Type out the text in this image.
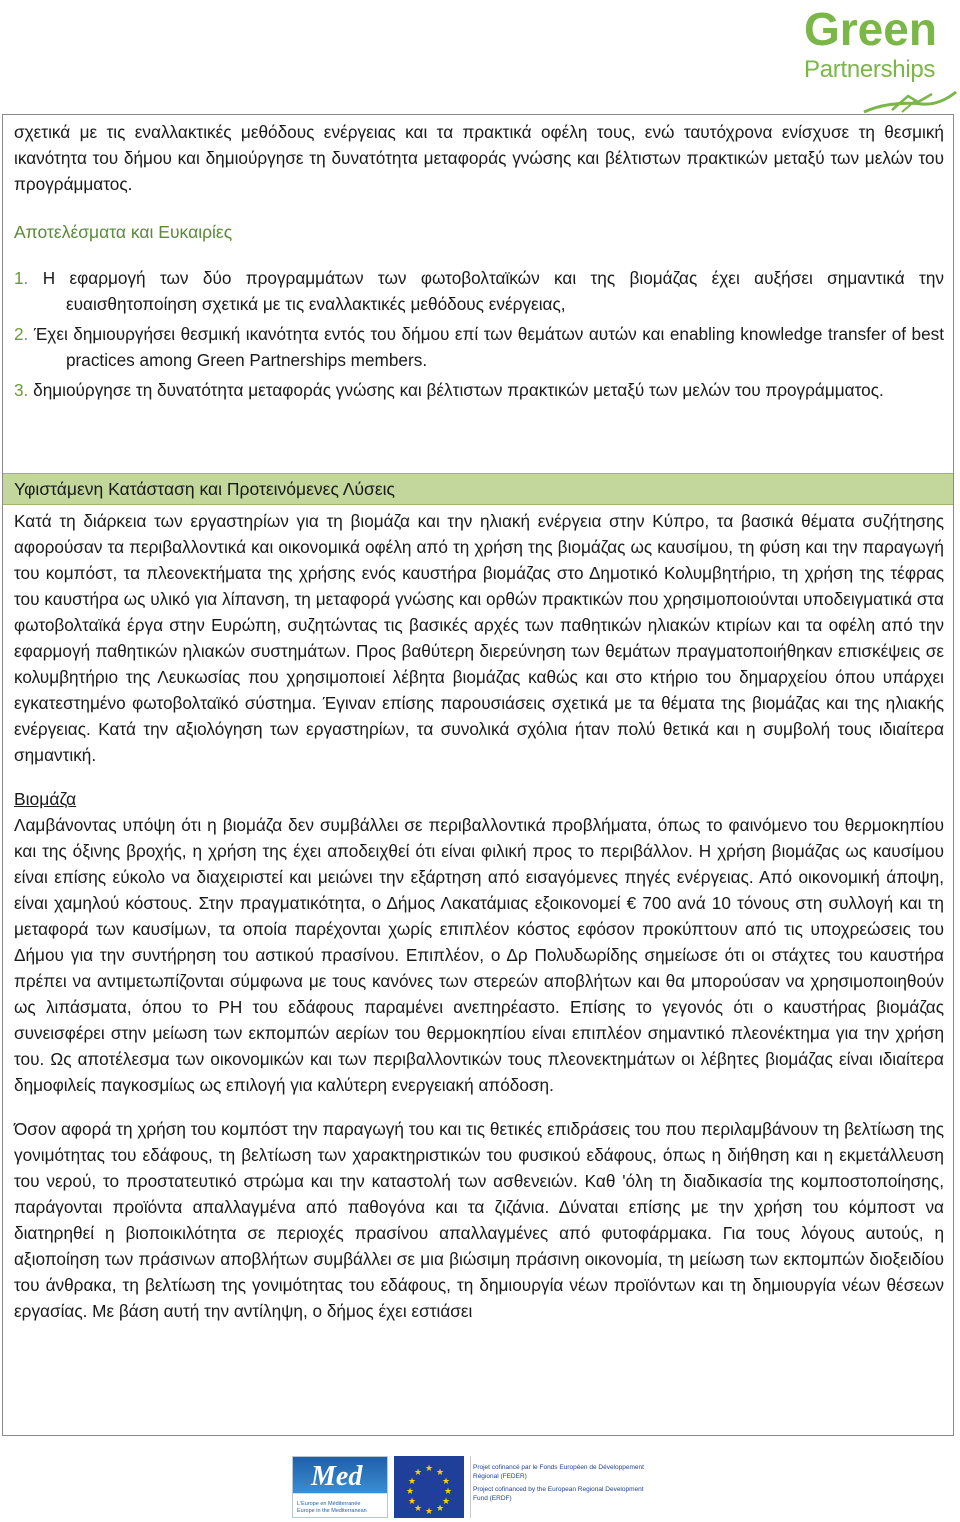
Green
Partnerships

σχετικά με τις εναλλακτικές μεθόδους ενέργειας και τα πρακτικά οφέλη τους, ενώ ταυτόχρονα ενίσχυσε τη θεσμική ικανότητα του δήμου και δημιούργησε τη δυνατότητα μεταφοράς γνώσης και βέλτιστων πρακτικών μεταξύ των μελών του προγράμματος.

Αποτελέσματα και Ευκαιρίες
1. Η εφαρμογή των δύο προγραμμάτων των φωτοβολταϊκών και της βιομάζας έχει αυξήσει σημαντικά την ευαισθητοποίηση σχετικά με τις εναλλακτικές μεθόδους ενέργειας,
2. Έχει δημιουργήσει θεσμική ικανότητα εντός του δήμου επί των θεμάτων αυτών και enabling knowledge transfer of best practices among Green Partnerships members.
3. δημιούργησε τη δυνατότητα μεταφοράς γνώσης και βέλτιστων πρακτικών μεταξύ των μελών του προγράμματος.
Υφιστάμενη Κατάσταση και Προτεινόμενες Λύσεις

Κατά τη διάρκεια των εργαστηρίων για τη βιομάζα και την ηλιακή ενέργεια στην Κύπρο, τα βασικά θέματα συζήτησης αφορούσαν τα περιβαλλοντικά και οικονομικά οφέλη από τη χρήση της βιομάζας ως καυσίμου, τη φύση και την παραγωγή του κομπόστ, τα πλεονεκτήματα της χρήσης ενός καυστήρα βιομάζας στο Δημοτικό Κολυμβητήριο, τη χρήση της τέφρας του καυστήρα ως υλικό για λίπανση, τη μεταφορά γνώσης και ορθών πρακτικών που χρησιμοποιούνται υποδειγματικά στα φωτοβολταϊκά έργα στην Ευρώπη, συζητώντας τις βασικές αρχές των παθητικών ηλιακών κτιρίων και τα οφέλη από την εφαρμογή παθητικών ηλιακών συστημάτων. Προς βαθύτερη διερεύνηση των θεμάτων πραγματοποιήθηκαν επισκέψεις σε κολυμβητήριο της Λευκωσίας που χρησιμοποιεί λέβητα βιομάζας καθώς και στο κτήριο του δημαρχείου όπου υπάρχει εγκατεστημένο φωτοβολταϊκό σύστημα. Έγιναν επίσης παρουσιάσεις σχετικά με τα θέματα της βιομάζας και της ηλιακής ενέργειας. Κατά την αξιολόγηση των εργαστηρίων, τα συνολικά σχόλια ήταν πολύ θετικά και η συμβολή τους ιδιαίτερα σημαντική.

Βιομάζα

Λαμβάνοντας υπόψη ότι η βιομάζα δεν συμβάλλει σε περιβαλλοντικά προβλήματα, όπως το φαινόμενο του θερμοκηπίου και της όξινης βροχής, η χρήση της έχει αποδειχθεί ότι είναι φιλική προς το περιβάλλον. Η χρήση βιομάζας ως καυσίμου είναι επίσης εύκολο να διαχειριστεί και μειώνει την εξάρτηση από εισαγόμενες πηγές ενέργειας. Από οικονομική άποψη, είναι χαμηλού κόστους. Στην πραγματικότητα, ο Δήμος Λακατάμιας εξοικονομεί € 700 ανά 10 τόνους στη συλλογή και τη μεταφορά των καυσίμων, τα οποία παρέχονται χωρίς επιπλέον κόστος εφόσον προκύπτουν από τις υποχρεώσεις του Δήμου για την συντήρηση του αστικού πρασίνου. Επιπλέον, ο Δρ Πολυδωρίδης σημείωσε ότι οι στάχτες του καυστήρα πρέπει να αντιμετωπίζονται σύμφωνα με τους κανόνες των στερεών αποβλήτων και θα μπορούσαν να χρησιμοποιηθούν ως λιπάσματα, όπου το PH του εδάφους παραμένει ανεπηρέαστο. Επίσης το γεγονός ότι ο καυστήρας βιομάζας συνεισφέρει στην μείωση των εκπομπών αερίων του θερμοκηπίου είναι επιπλέον σημαντικό πλεονέκτημα για την χρήση του. Ως αποτέλεσμα των οικονομικών και των περιβαλλοντικών τους πλεονεκτημάτων οι λέβητες βιομάζας είναι ιδιαίτερα δημοφιλείς παγκοσμίως ως επιλογή για καλύτερη ενεργειακή απόδοση.

Όσον αφορά τη χρήση του κομπόστ την παραγωγή του και τις θετικές επιδράσεις του που περιλαμβάνουν τη βελτίωση της γονιμότητας του εδάφους, τη βελτίωση των χαρακτηριστικών του φυσικού εδάφους, όπως η διήθηση και η εκμετάλλευση του νερού, το προστατευτικό στρώμα και την καταστολή των ασθενειών. Καθ 'όλη τη διαδικασία της κομποστοποίησης, παράγονται προϊόντα απαλλαγμένα από παθογόνα και τα ζιζάνια. Δύναται επίσης με την χρήση του κόμποστ να διατηρηθεί η βιοποικιλότητα σε περιοχές πρασίνου απαλλαγμένες από φυτοφάρμακα. Για τους λόγους αυτούς, η αξιοποίηση των πράσινων αποβλήτων συμβάλλει σε μια βιώσιμη πράσινη οικονομία, τη μείωση των εκπομπών διοξειδίου του άνθρακα, τη βελτίωση της γονιμότητας του εδάφους, τη δημιουργία νέων προϊόντων και τη δημιουργία νέων θέσεων εργασίας. Με βάση αυτή την αντίληψη, ο δήμος έχει εστιάσει

Med
L'Europe en Méditerranée
Europe in the Mediterranean
★ ★
★
★
★
★
★
★
★
★
★
★	Projet cofinancé par le Fonds Européen de Développement Régional (FEDER)
Project cofinanced by the European Regional Development Fund (ERDF)
